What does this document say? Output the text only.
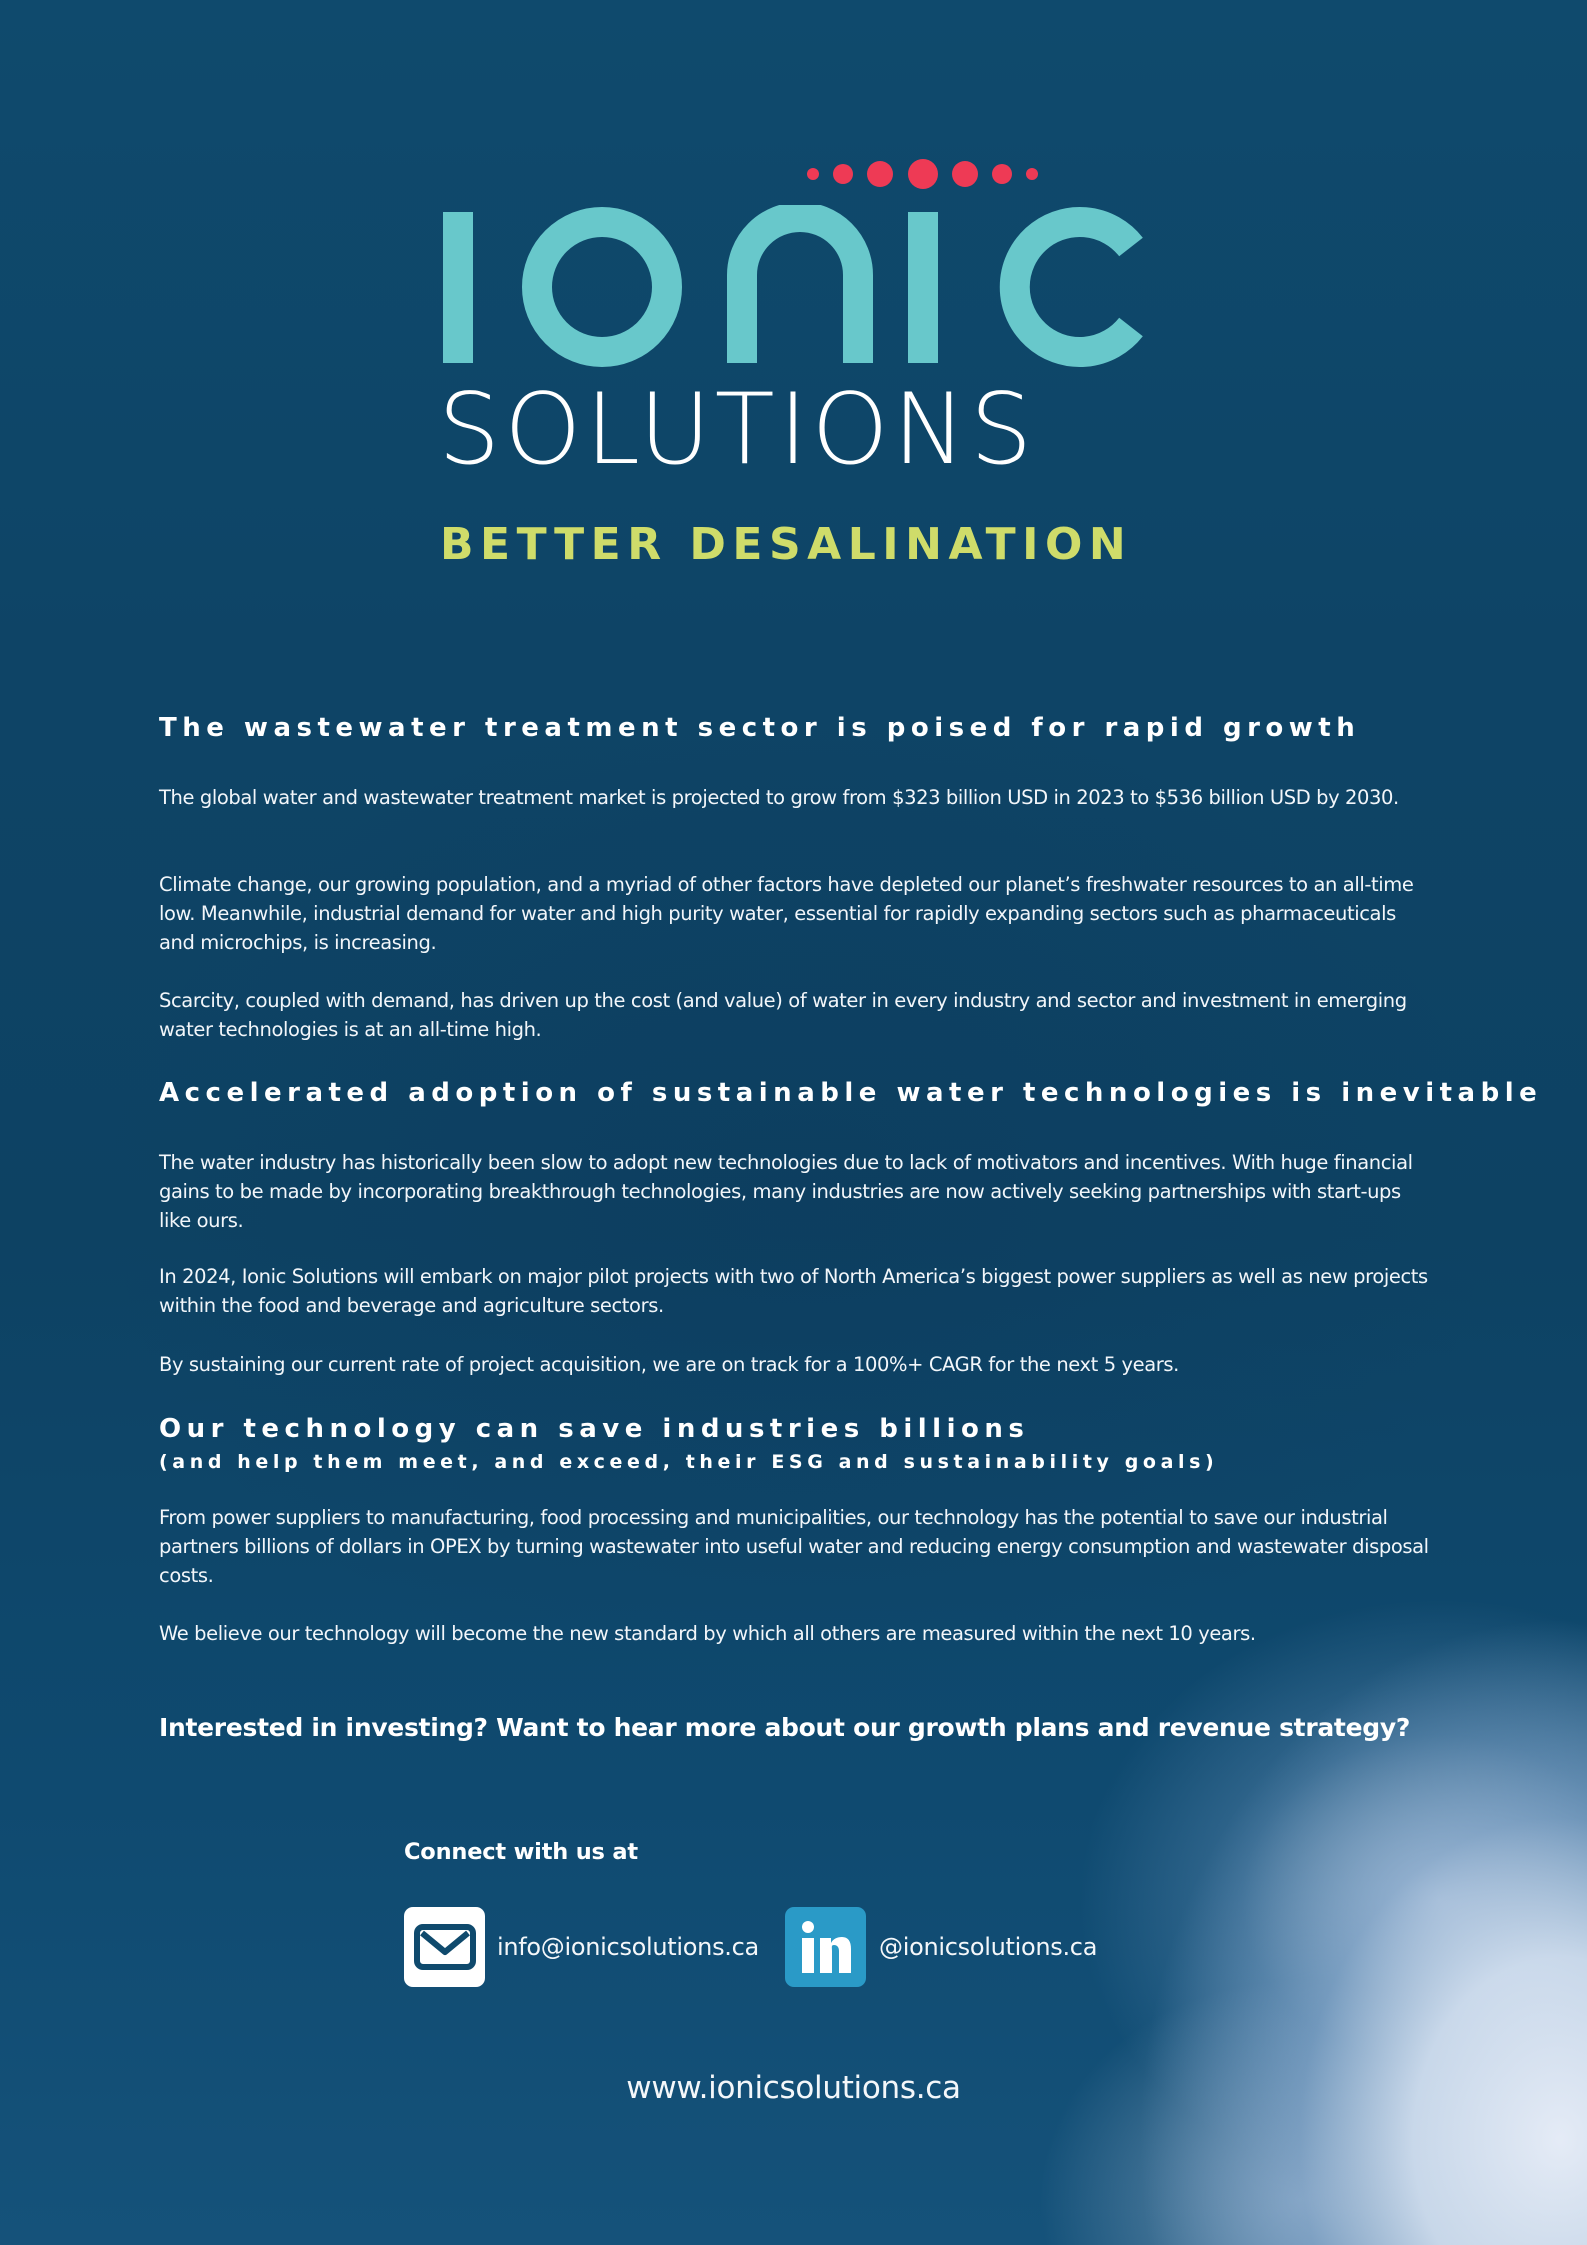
SOLUTIONS
BETTER DESALINATION
The wastewater treatment sector is poised for rapid growth

The global water and wastewater treatment market is projected to grow from $323 billion USD in 2023 to $536 billion USD by 2030.

Climate change, our growing population, and a myriad of other factors have depleted our planet’s freshwater resources to an all-time low. Meanwhile, industrial demand for water and high purity water, essential for rapidly expanding sectors such as pharmaceuticals and microchips, is increasing.

Scarcity, coupled with demand, has driven up the cost (and value) of water in every industry and sector and investment in emerging water technologies is at an all-time high.

Accelerated adoption of sustainable water technologies is inevitable

The water industry has historically been slow to adopt new technologies due to lack of motivators and incentives. With huge financial gains to be made by incorporating breakthrough technologies, many industries are now actively seeking partnerships with start-ups like ours.

In 2024, Ionic Solutions will embark on major pilot projects with two of North America’s biggest power suppliers as well as new projects within the food and beverage and agriculture sectors.

By sustaining our current rate of project acquisition, we are on track for a 100%+ CAGR for the next 5 years.

Our technology can save industries billions
(and help them meet, and exceed, their ESG and sustainability goals)

From power suppliers to manufacturing, food processing and municipalities, our technology has the potential to save our industrial partners billions of dollars in OPEX by turning wastewater into useful water and reducing energy consumption and wastewater disposal costs.

We believe our technology will become the new standard by which all others are measured within the next 10 years.

Interested in investing? Want to hear more about our growth plans and revenue strategy?
Connect with us at
info@ionicsolutions.ca	@ionicsolutions.ca
www.ionicsolutions.ca
